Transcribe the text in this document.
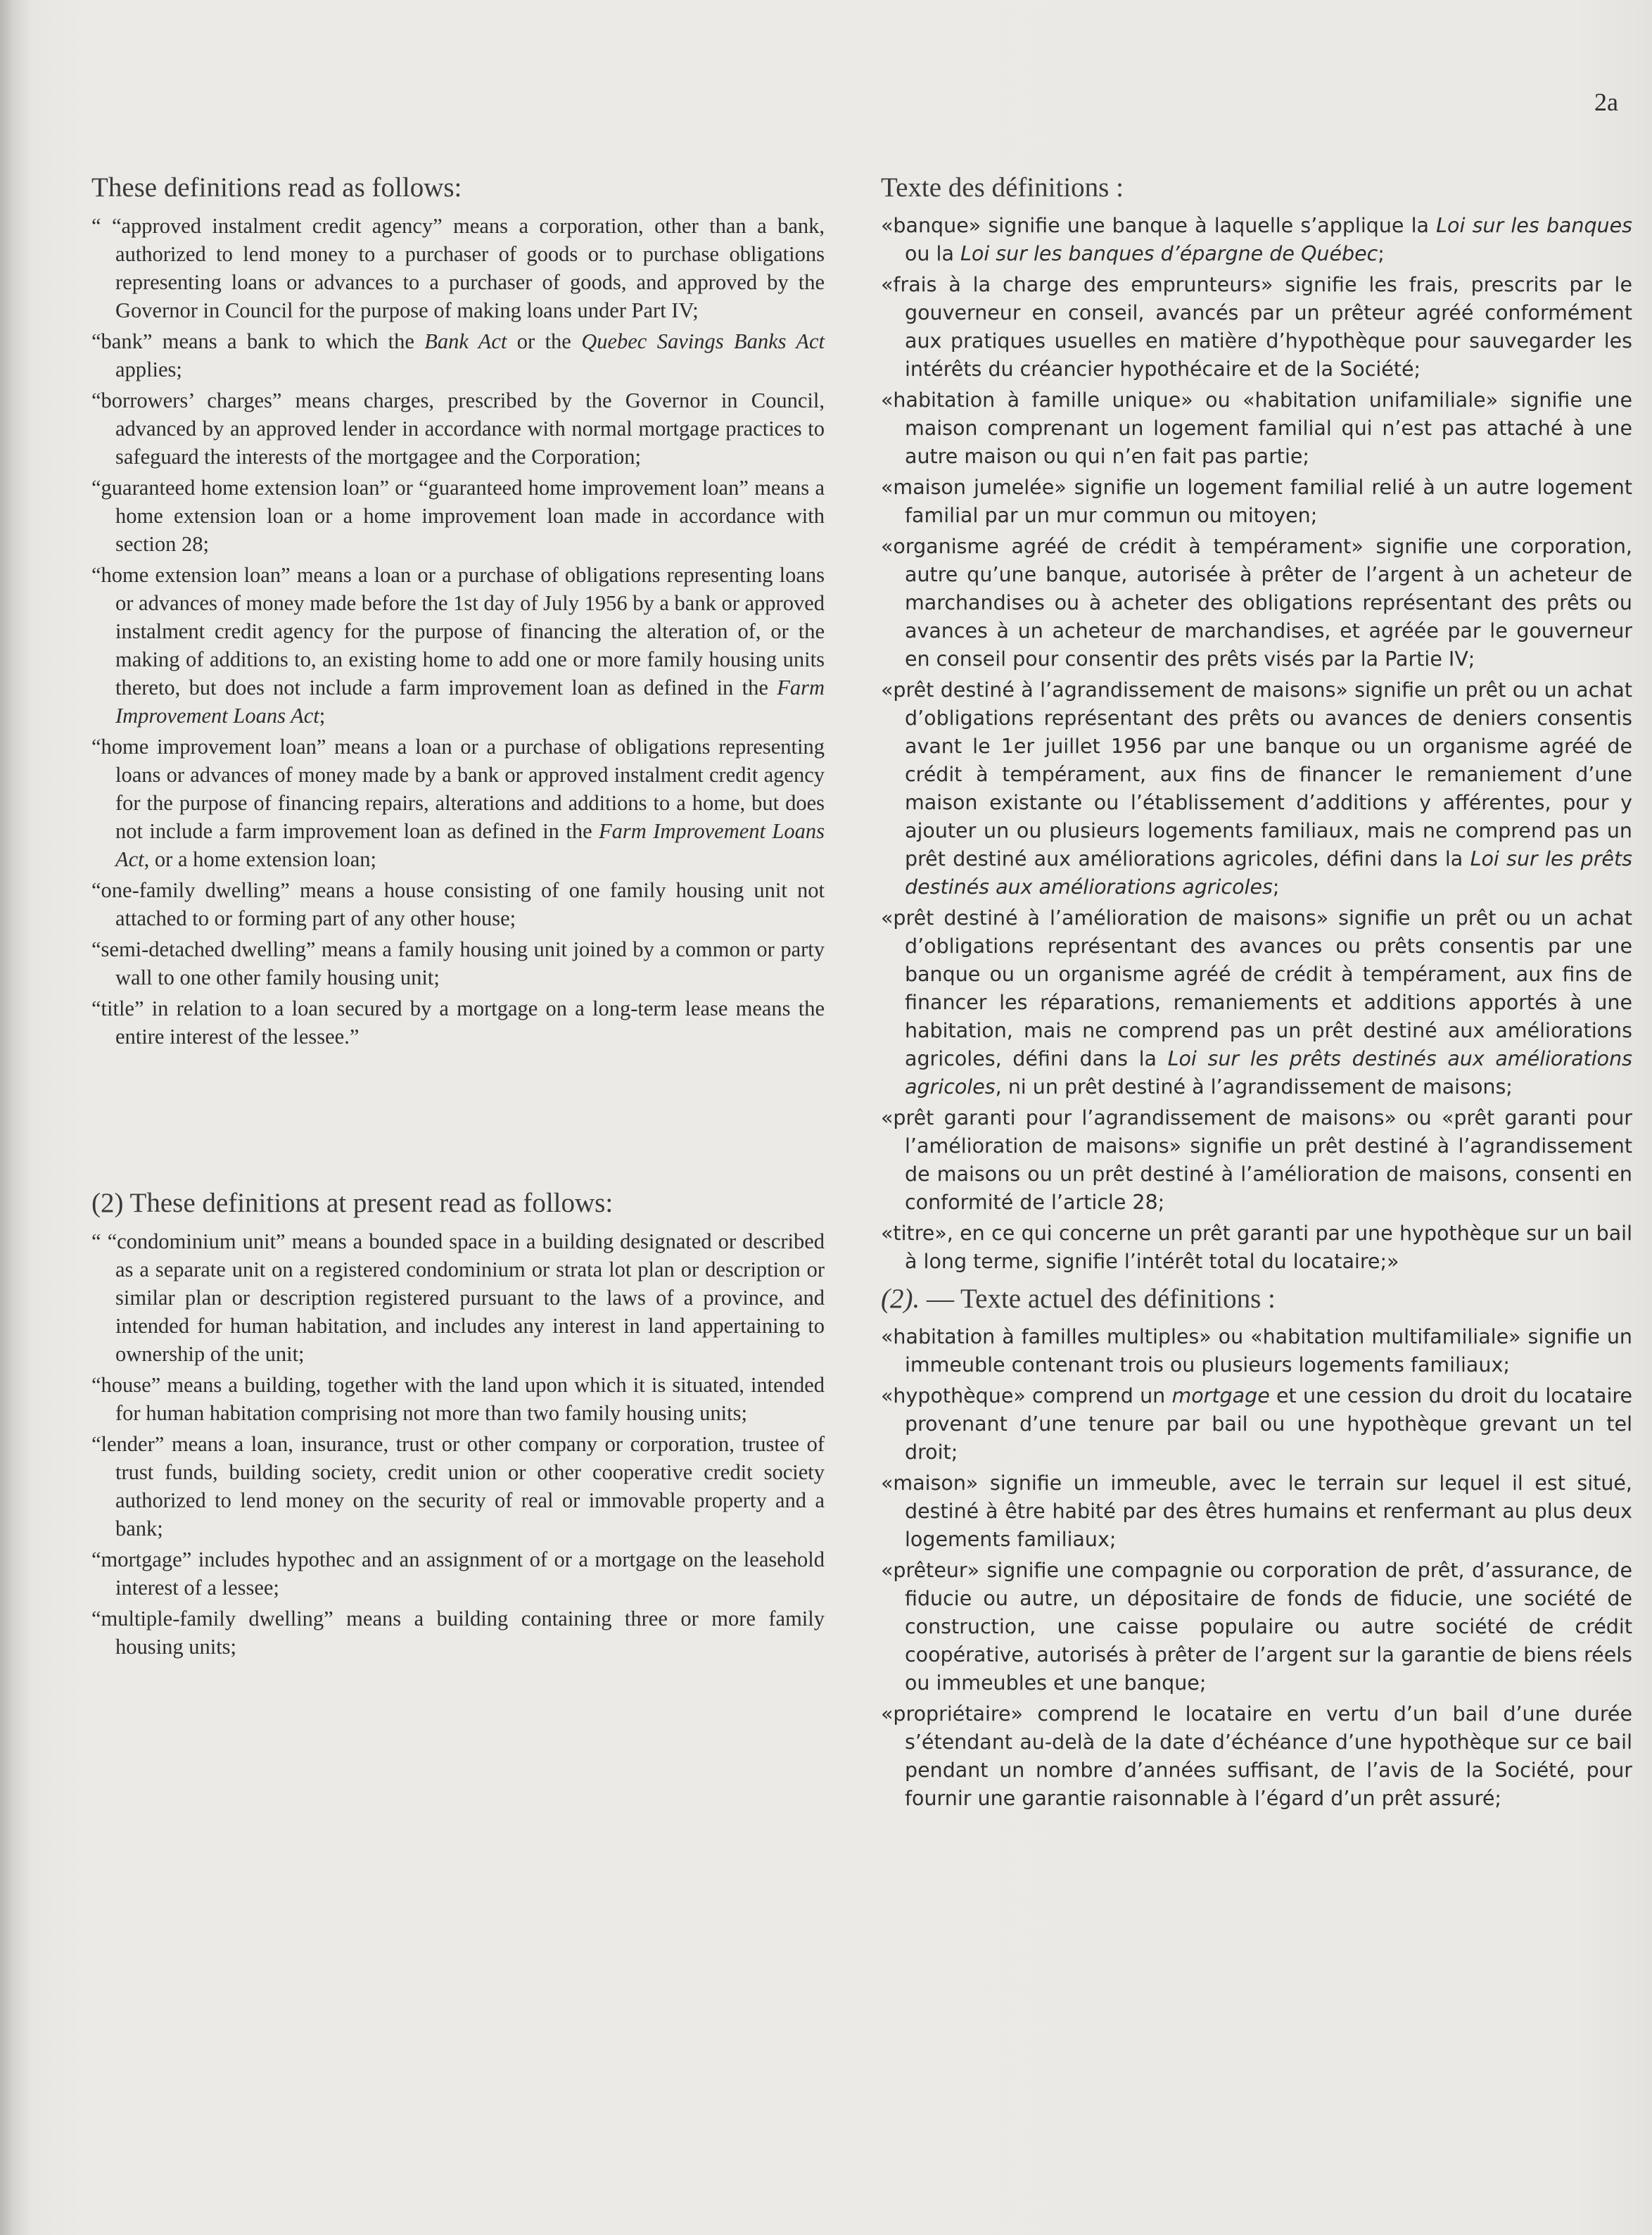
2a
These definitions read as follows:

“ “approved instalment credit agency” means a corporation, other than a bank, authorized to lend money to a purchaser of goods or to purchase obligations representing loans or advances to a purchaser of goods, and approved by the Governor in Council for the purpose of making loans under Part IV;

“bank” means a bank to which the Bank Act or the Quebec Savings Banks Act applies;

“borrowers’ charges” means charges, prescribed by the Governor in Council, advanced by an approved lender in accordance with normal mortgage practices to safeguard the interests of the mortgagee and the Corporation;

“guaranteed home extension loan” or “guaranteed home improvement loan” means a home extension loan or a home improvement loan made in accordance with section 28;

“home extension loan” means a loan or a purchase of obligations representing loans or advances of money made before the 1st day of July 1956 by a bank or approved instalment credit agency for the purpose of financing the alteration of, or the making of additions to, an existing home to add one or more family housing units thereto, but does not include a farm improvement loan as defined in the Farm Improvement Loans Act;

“home improvement loan” means a loan or a purchase of obligations representing loans or advances of money made by a bank or approved instalment credit agency for the purpose of financing repairs, alterations and additions to a home, but does not include a farm improvement loan as defined in the Farm Improvement Loans Act, or a home extension loan;

“one-family dwelling” means a house consisting of one family housing unit not attached to or forming part of any other house;

“semi-detached dwelling” means a family housing unit joined by a common or party wall to one other family housing unit;

“title” in relation to a loan secured by a mortgage on a long-term lease means the entire interest of the lessee.”

(2) These definitions at present read as follows:

“ “condominium unit” means a bounded space in a building designated or described as a separate unit on a registered condominium or strata lot plan or description or similar plan or description registered pursuant to the laws of a province, and intended for human habitation, and includes any interest in land appertaining to ownership of the unit;

“house” means a building, together with the land upon which it is situated, intended for human habitation comprising not more than two family housing units;

“lender” means a loan, insurance, trust or other company or corporation, trustee of trust funds, building society, credit union or other cooperative credit society authorized to lend money on the security of real or immovable property and a bank;

“mortgage” includes hypothec and an assignment of or a mortgage on the leasehold interest of a lessee;

“multiple-family dwelling” means a building containing three or more family housing units;

Texte des définitions :

«banque» signifie une banque à laquelle s’applique la Loi sur les banques ou la Loi sur les banques d’épargne de Québec;

«frais à la charge des emprunteurs» signifie les frais, prescrits par le gouverneur en conseil, avancés par un prêteur agréé conformément aux pratiques usuelles en matière d’hypothèque pour sauvegarder les intérêts du créancier hypothécaire et de la Société;

«habitation à famille unique» ou «habitation unifamiliale» signifie une maison comprenant un logement familial qui n’est pas attaché à une autre maison ou qui n’en fait pas partie;

«maison jumelée» signifie un logement familial relié à un autre logement familial par un mur commun ou mitoyen;

«organisme agréé de crédit à tempérament» signifie une corporation, autre qu’une banque, autorisée à prêter de l’argent à un acheteur de marchandises ou à acheter des obligations représentant des prêts ou avances à un acheteur de marchandises, et agréée par le gouverneur en conseil pour consentir des prêts visés par la Partie IV;

«prêt destiné à l’agrandissement de maisons» signifie un prêt ou un achat d’obligations représentant des prêts ou avances de deniers consentis avant le 1er juillet 1956 par une banque ou un organisme agréé de crédit à tempérament, aux fins de financer le remaniement d’une maison existante ou l’établissement d’additions y afférentes, pour y ajouter un ou plusieurs logements familiaux, mais ne comprend pas un prêt destiné aux améliorations agricoles, défini dans la Loi sur les prêts destinés aux améliorations agricoles;

«prêt destiné à l’amélioration de maisons» signifie un prêt ou un achat d’obligations représentant des avances ou prêts consentis par une banque ou un organisme agréé de crédit à tempérament, aux fins de financer les réparations, remaniements et additions apportés à une habitation, mais ne comprend pas un prêt destiné aux améliorations agricoles, défini dans la Loi sur les prêts destinés aux améliorations agricoles, ni un prêt destiné à l’agrandissement de maisons;

«prêt garanti pour l’agrandissement de maisons» ou «prêt garanti pour l’amélioration de maisons» signifie un prêt destiné à l’agrandissement de maisons ou un prêt destiné à l’amélioration de maisons, consenti en conformité de l’article 28;

«titre», en ce qui concerne un prêt garanti par une hypothèque sur un bail à long terme, signifie l’intérêt total du locataire;»

(2). — Texte actuel des définitions :

«habitation à familles multiples» ou «habitation multifamiliale» signifie un immeuble contenant trois ou plusieurs logements familiaux;

«hypothèque» comprend un mortgage et une cession du droit du locataire provenant d’une tenure par bail ou une hypothèque grevant un tel droit;

«maison» signifie un immeuble, avec le terrain sur lequel il est situé, destiné à être habité par des êtres humains et renfermant au plus deux logements familiaux;

«prêteur» signifie une compagnie ou corporation de prêt, d’assurance, de fiducie ou autre, un dépositaire de fonds de fiducie, une société de construction, une caisse populaire ou autre société de crédit coopérative, autorisés à prêter de l’argent sur la garantie de biens réels ou immeubles et une banque;

«propriétaire» comprend le locataire en vertu d’un bail d’une durée s’étendant au-delà de la date d’échéance d’une hypothèque sur ce bail pendant un nombre d’années suffisant, de l’avis de la Société, pour fournir une garantie raisonnable à l’égard d’un prêt assuré;
